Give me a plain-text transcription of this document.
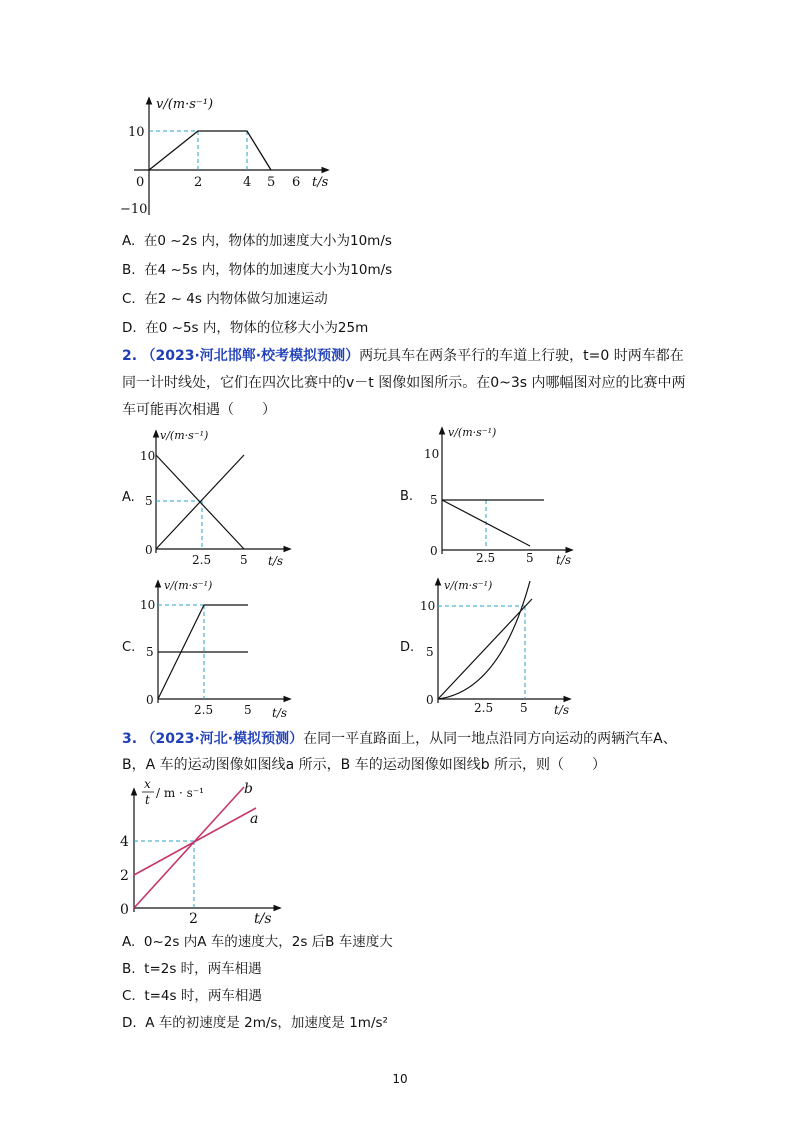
v/(m·s⁻¹)
t/s
0
10
−10
2	4 5 6
A. 在0 ~2s 内，物体的加速度大小为10m/s
B. 在4 ~5s 内，物体的加速度大小为10m/s
C. 在2 ~ 4s 内物体做匀加速运动
D. 在0 ~5s 内，物体的位移大小为25m
2. （2023·河北邯郸·校考模拟预测）两玩具车在两条平行的车道上行驶，t=0 时两车都在
同一计时线处，它们在四次比赛中的v－t 图像如图所示。在0~3s 内哪幅图对应的比赛中两
车可能再次相遇（　　）
A.
v/(m·s⁻¹)
t/s
10
5
0
2.5 5
B.
v/(m·s⁻¹)
t/s
10
5
0	2.5	5
C.
v/(m·s⁻¹)
t/s
10
5
0
2.5	5
D.
v/(m·s⁻¹)
t/s
10
5
0
2.5 5
3. （2023·河北·模拟预测）在同一平直路面上，从同一地点沿同方向运动的两辆汽车A、
B，A 车的运动图像如图线a 所示，B 车的运动图像如图线b 所示，则（　　）
b
a
x
t / m · s⁻¹
t/s
4
2
0
2
A. 0~2s 内A 车的速度大，2s 后B 车速度大
B. t=2s 时，两车相遇
C. t=4s 时，两车相遇
D. A 车的初速度是 2m/s，加速度是 1m/s²
10
